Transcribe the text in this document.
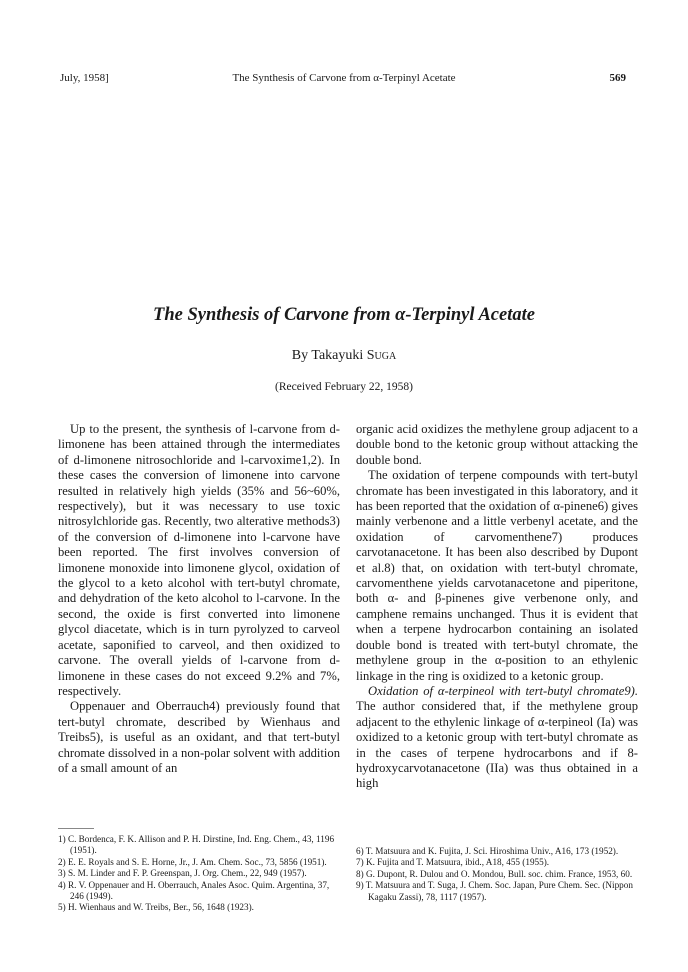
July, 1958]	The Synthesis of Carvone from α-Terpinyl Acetate	569
The Synthesis of Carvone from α-Terpinyl Acetate
By Takayuki Suga
(Received February 22, 1958)

Up to the present, the synthesis of l-carvone from d-limonene has been attained through the intermediates of d-limonene nitrosochloride and l-carvoxime1,2). In these cases the conversion of limonene into carvone resulted in relatively high yields (35% and 56~60%, respectively), but it was necessary to use toxic nitrosylchloride gas. Recently, two alterative methods3) of the conversion of d-limonene into l-carvone have been reported. The first involves conversion of limonene monoxide into limonene glycol, oxidation of the glycol to a keto alcohol with tert-butyl chromate, and dehydration of the keto alcohol to l-carvone. In the second, the oxide is first converted into limonene glycol diacetate, which is in turn pyrolyzed to carveol acetate, saponified to carveol, and then oxidized to carvone. The overall yields of l-carvone from d-limonene in these cases do not exceed 9.2% and 7%, respectively.

Oppenauer and Oberrauch4) previously found that tert-butyl chromate, described by Wienhaus and Treibs5), is useful as an oxidant, and that tert-butyl chromate dissolved in a non-polar solvent with addition of a small amount of an

organic acid oxidizes the methylene group adjacent to a double bond to the ketonic group without attacking the double bond.

The oxidation of terpene compounds with tert-butyl chromate has been investigated in this laboratory, and it has been reported that the oxidation of α-pinene6) gives mainly verbenone and a little verbenyl acetate, and the oxidation of carvomenthene7) produces carvotanacetone. It has been also described by Dupont et al.8) that, on oxidation with tert-butyl chromate, carvomenthene yields carvotanacetone and piperitone, both α- and β-pinenes give verbenone only, and camphene remains unchanged. Thus it is evident that when a terpene hydrocarbon containing an isolated double bond is treated with tert-butyl chromate, the methylene group in the α-position to an ethylenic linkage in the ring is oxidized to a ketonic group.

Oxidation of α-terpineol with tert-butyl chromate9). The author considered that, if the methylene group adjacent to the ethylenic linkage of α-terpineol (Ia) was oxidized to a ketonic group with tert-butyl chromate as in the cases of terpene hydrocarbons and if 8-hydroxycarvotanacetone (IIa) was thus obtained in a high

1) C. Bordenca, F. K. Allison and P. H. Dirstine, Ind. Eng. Chem., 43, 1196 (1951).
2) E. E. Royals and S. E. Horne, Jr., J. Am. Chem. Soc., 73, 5856 (1951).
3) S. M. Linder and F. P. Greenspan, J. Org. Chem., 22, 949 (1957).
4) R. V. Oppenauer and H. Oberrauch, Anales Asoc. Quim. Argentina, 37, 246 (1949).
5) H. Wienhaus and W. Treibs, Ber., 56, 1648 (1923).
6) T. Matsuura and K. Fujita, J. Sci. Hiroshima Univ., A16, 173 (1952).
7) K. Fujita and T. Matsuura, ibid., A18, 455 (1955).
8) G. Dupont, R. Dulou and O. Mondou, Bull. soc. chim. France, 1953, 60.
9) T. Matsuura and T. Suga, J. Chem. Soc. Japan, Pure Chem. Sec. (Nippon Kagaku Zassi), 78, 1117 (1957).
